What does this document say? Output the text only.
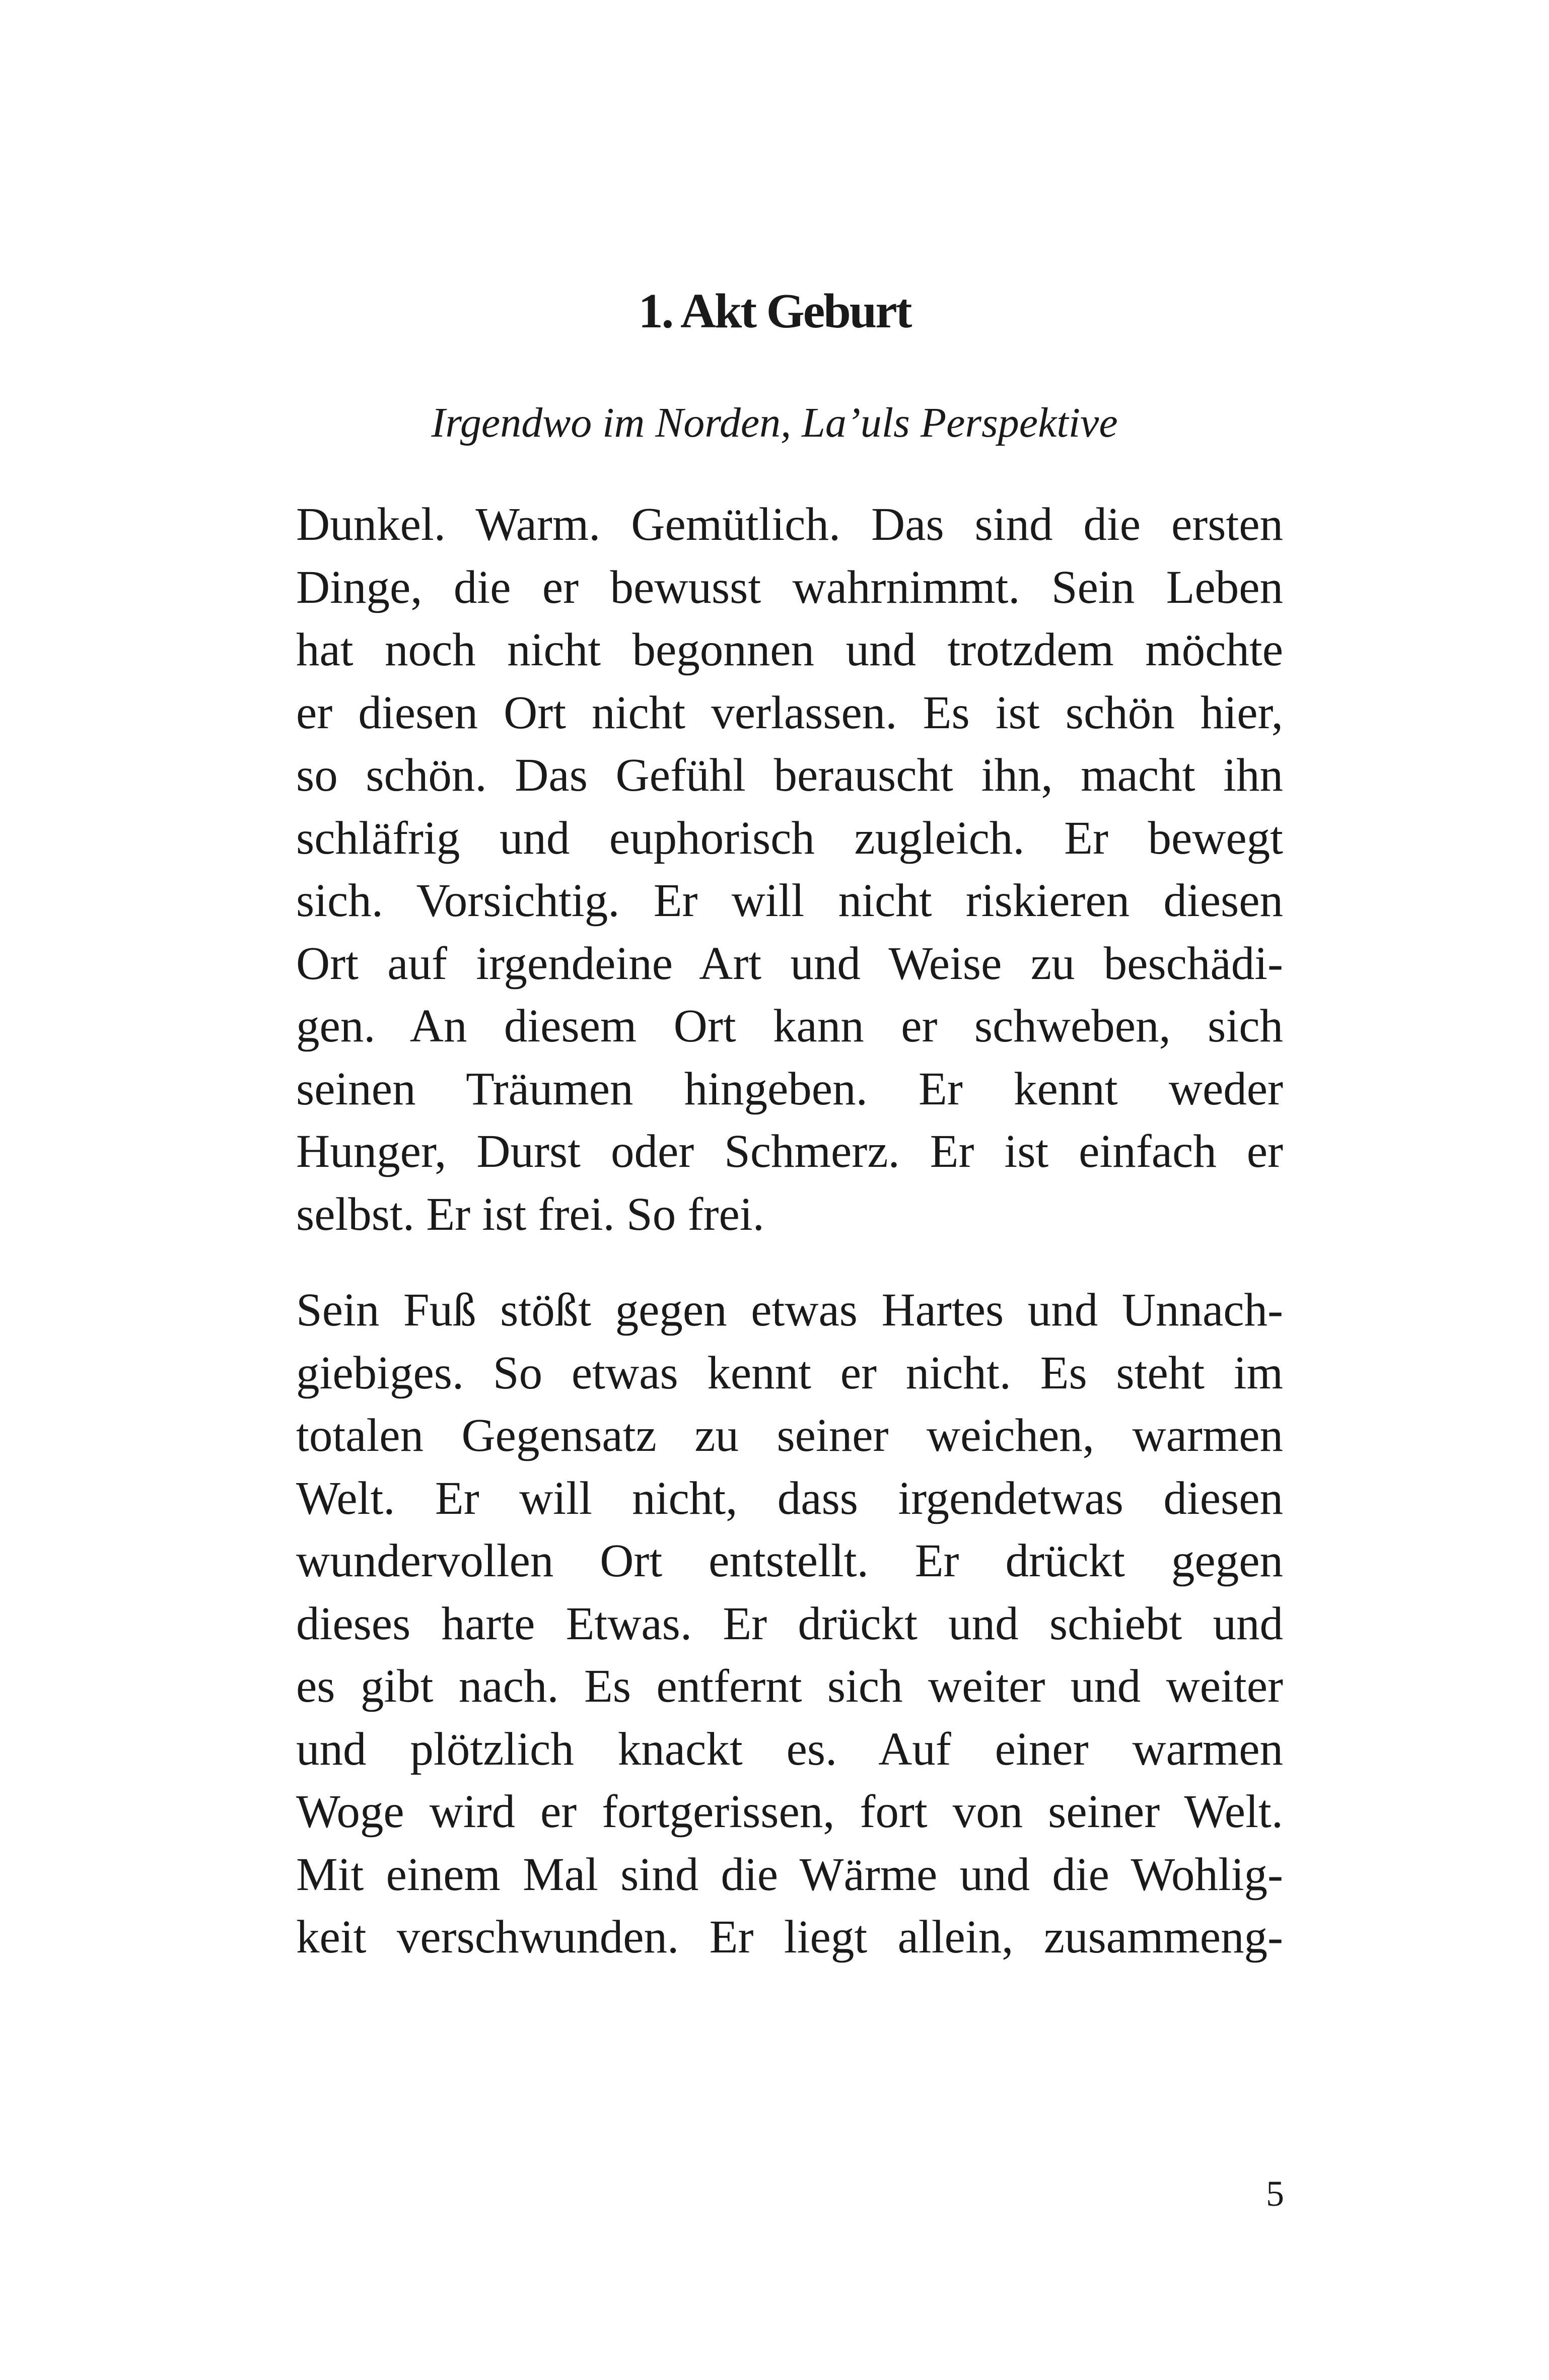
1. Akt Geburt

Irgendwo im Norden, La’uls Perspektive

Dunkel. Warm. Gemütlich. Das sind die ersten
Dinge, die er bewusst wahrnimmt. Sein Leben
hat noch nicht begonnen und trotzdem möchte
er diesen Ort nicht verlassen. Es ist schön hier,
so schön. Das Gefühl berauscht ihn, macht ihn
schläfrig und euphorisch zugleich. Er bewegt
sich. Vorsichtig. Er will nicht riskieren diesen
Ort auf irgendeine Art und Weise zu beschädi-
gen. An diesem Ort kann er schweben, sich
seinen Träumen hingeben. Er kennt weder
Hunger, Durst oder Schmerz. Er ist einfach er
selbst. Er ist frei. So frei.
Sein Fuß stößt gegen etwas Hartes und Unnach-
giebiges. So etwas kennt er nicht. Es steht im
totalen Gegensatz zu seiner weichen, warmen
Welt. Er will nicht, dass irgendetwas diesen
wundervollen Ort entstellt. Er drückt gegen
dieses harte Etwas. Er drückt und schiebt und
es gibt nach. Es entfernt sich weiter und weiter
und plötzlich knackt es. Auf einer warmen
Woge wird er fortgerissen, fort von seiner Welt.
Mit einem Mal sind die Wärme und die Wohlig-
keit verschwunden. Er liegt allein, zusammeng-

5
